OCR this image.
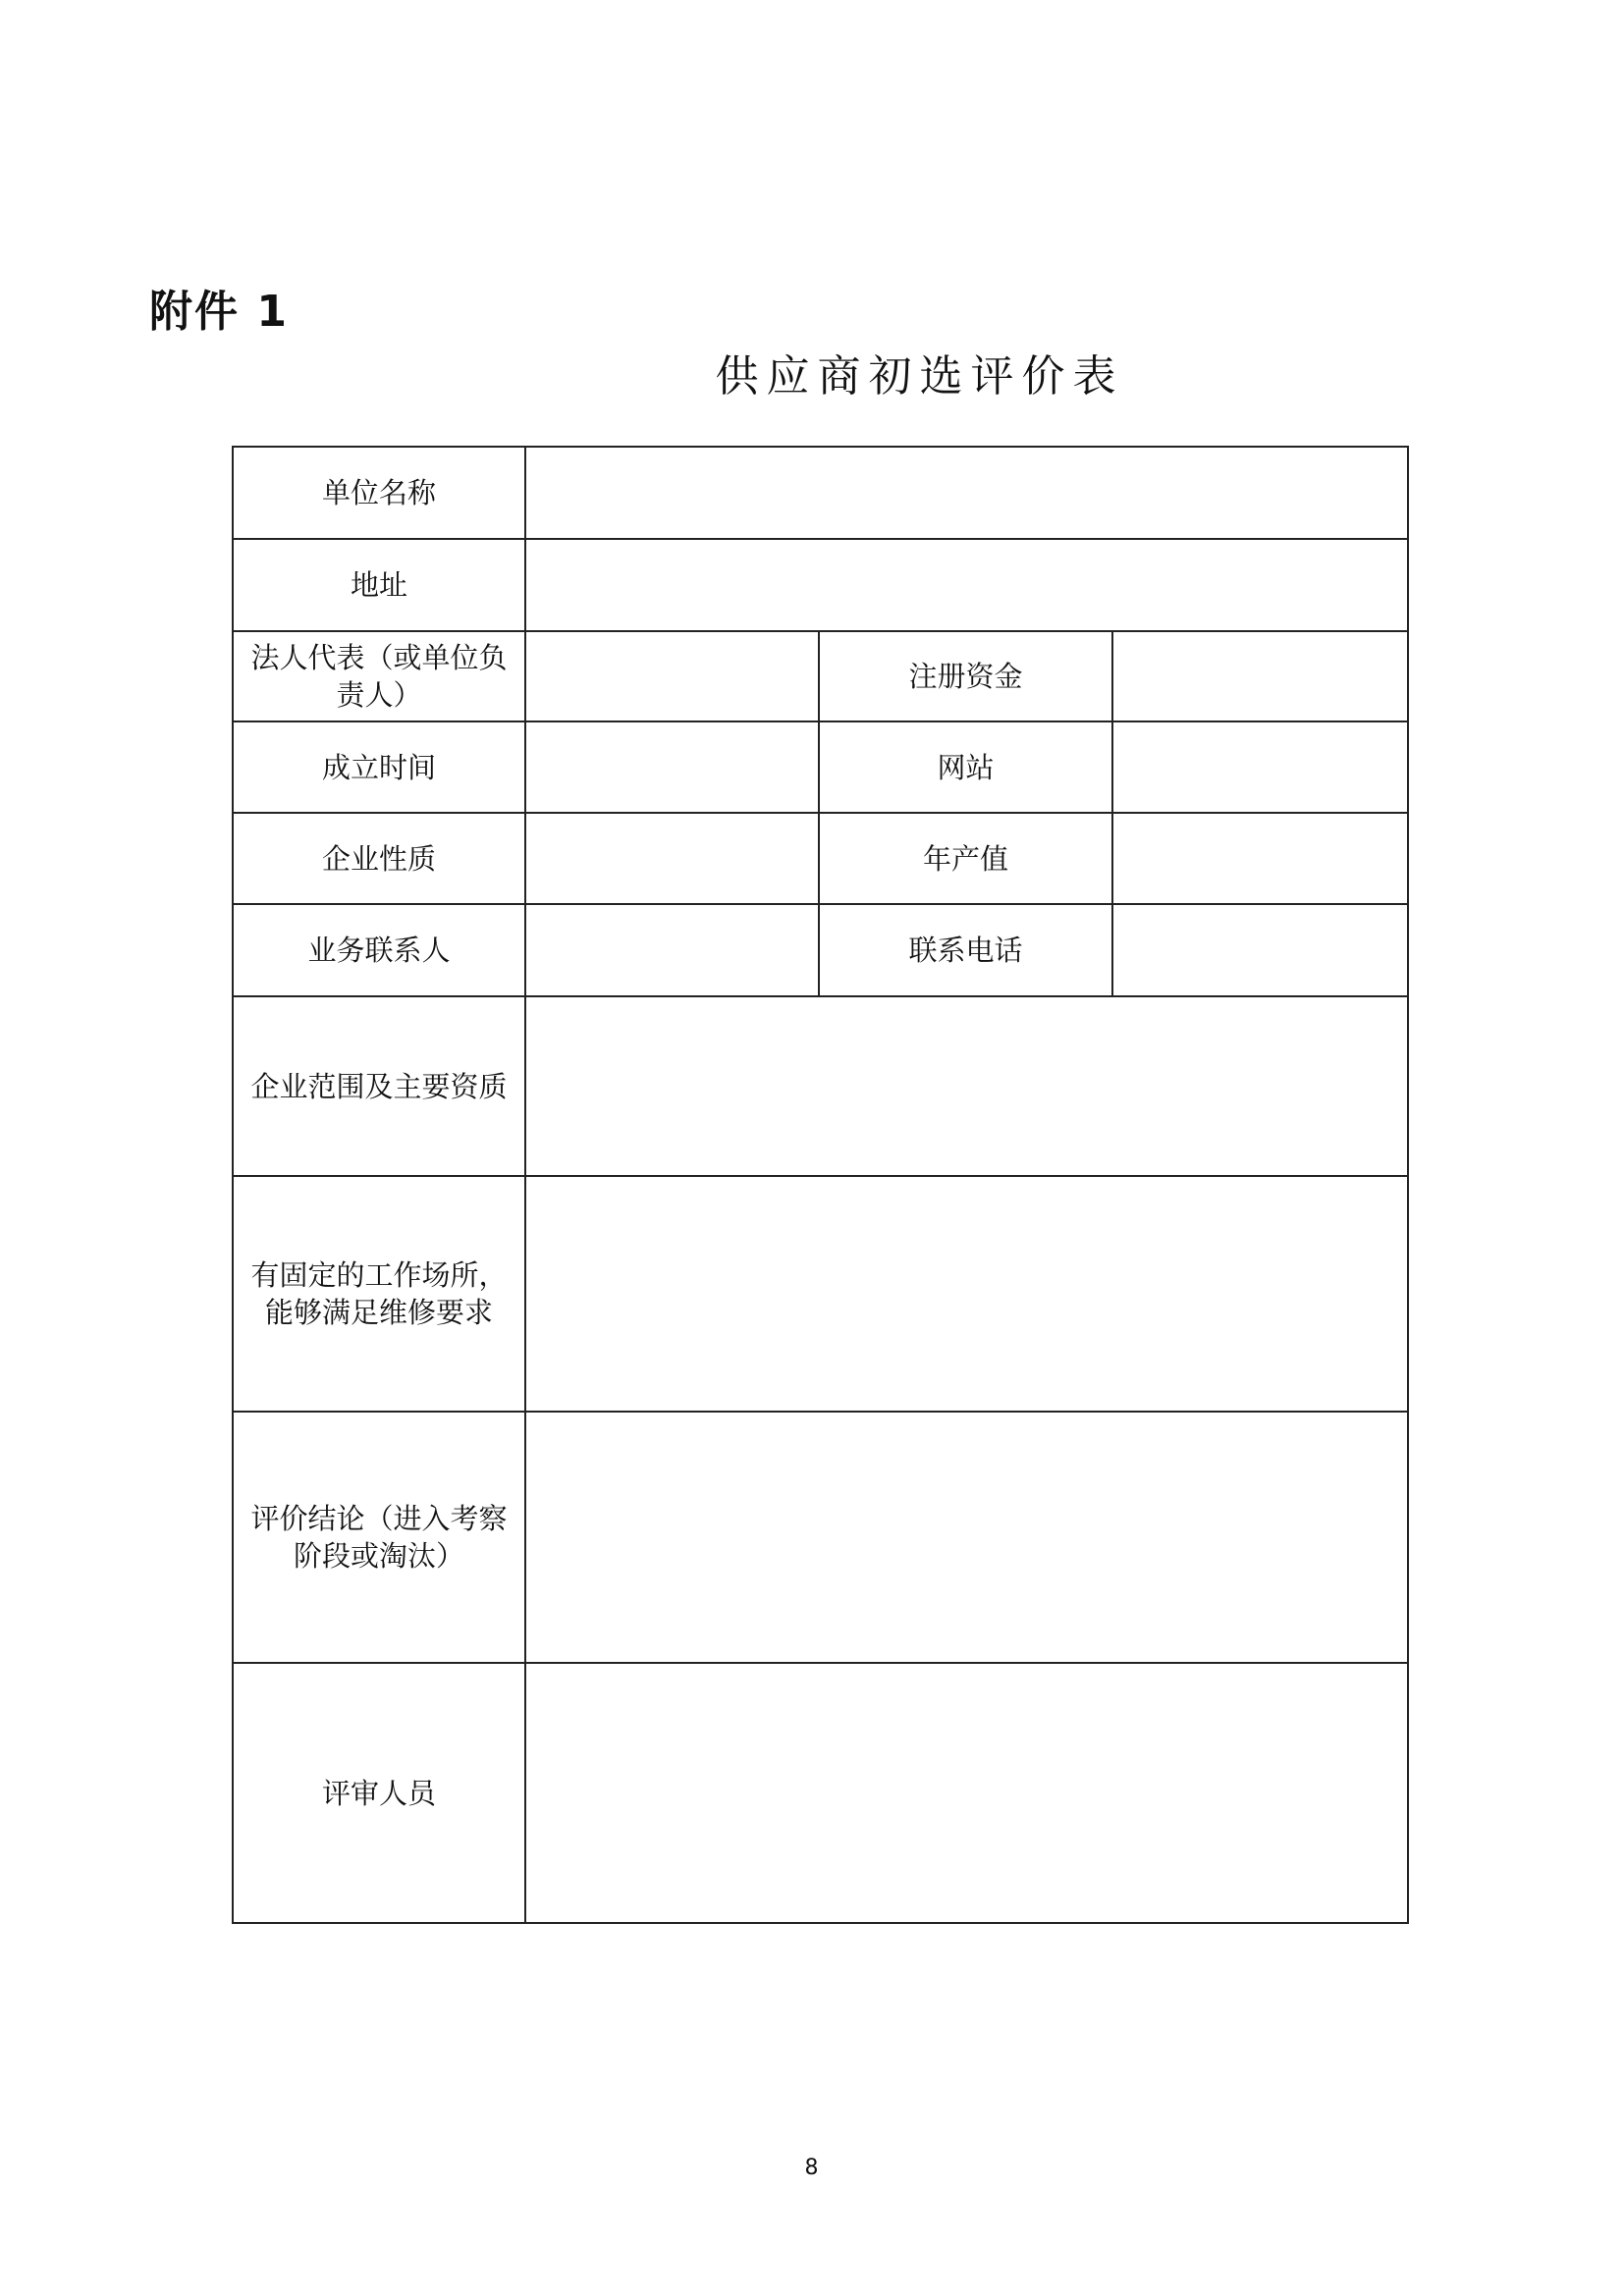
附件 1
供应商初选评价表
单位名称			
地址			
法人代表（或单位负责人）		注册资金	
成立时间		网站	
企业性质		年产值	
业务联系人		联系电话	
企业范围及主要资质			

有固定的工作场所，
能够满足维修要求			

评价结论（进入考察
阶段或淘汰）			

评审人员			
8
